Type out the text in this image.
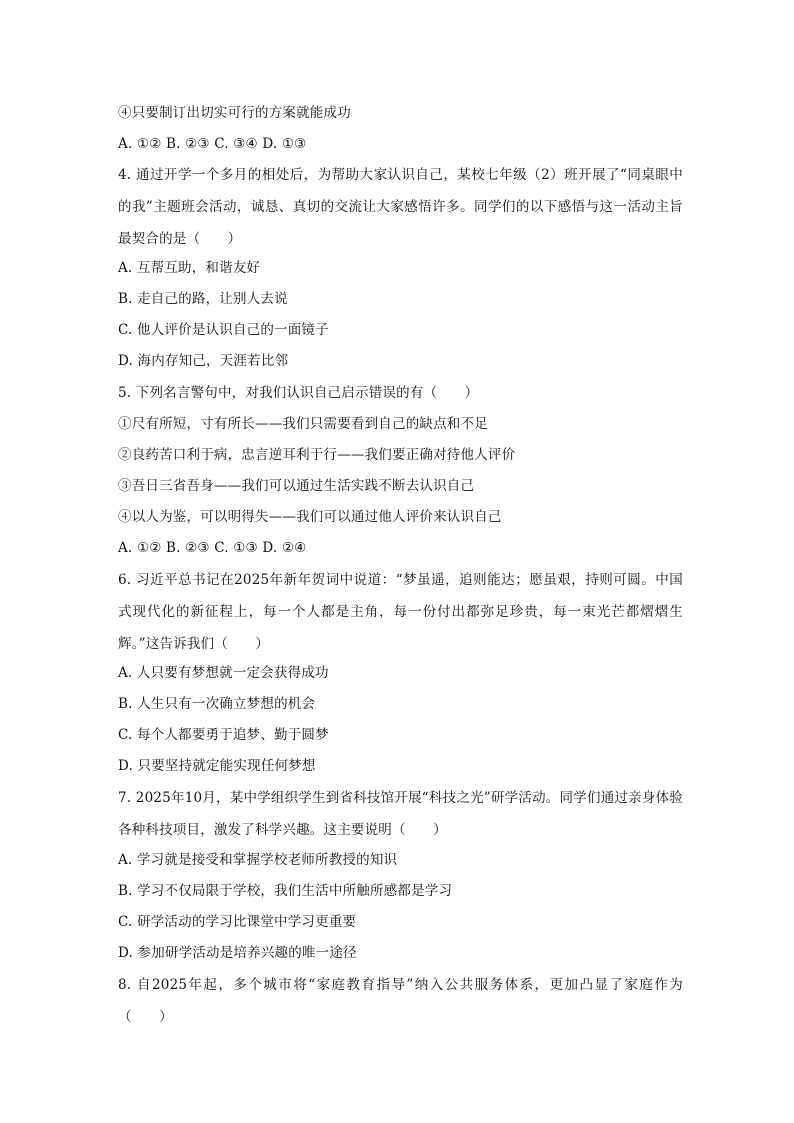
④只要制订出切实可行的方案就能成功
A. ①② B. ②③ C. ③④ D. ①③
4. 通过开学一个多月的相处后，为帮助大家认识自己，某校七年级（2）班开展了“同桌眼中的我”主题班会活动，诚恳、真切的交流让大家感悟许多。同学们的以下感悟与这一活动主旨最契合的是（　　）
A. 互帮互助，和谐友好
B. 走自己的路，让别人去说
C. 他人评价是认识自己的一面镜子
D. 海内存知己，天涯若比邻
5. 下列名言警句中，对我们认识自己启示错误的有（　　）
①尺有所短，寸有所长——我们只需要看到自己的缺点和不足
②良药苦口利于病，忠言逆耳利于行——我们要正确对待他人评价
③吾日三省吾身——我们可以通过生活实践不断去认识自己
④以人为鉴，可以明得失——我们可以通过他人评价来认识自己
A. ①② B. ②③ C. ①③ D. ②④
6. 习近平总书记在2025年新年贺词中说道：“梦虽遥，追则能达；愿虽艰，持则可圆。中国式现代化的新征程上，每一个人都是主角，每一份付出都弥足珍贵，每一束光芒都熠熠生辉。”这告诉我们（　　）
A. 人只要有梦想就一定会获得成功
B. 人生只有一次确立梦想的机会
C. 每个人都要勇于追梦、勤于圆梦
D. 只要坚持就定能实现任何梦想
7. 2025年10月，某中学组织学生到省科技馆开展“科技之光”研学活动。同学们通过亲身体验各种科技项目，激发了科学兴趣。这主要说明（　　）
A. 学习就是接受和掌握学校老师所教授的知识
B. 学习不仅局限于学校，我们生活中所触所感都是学习
C. 研学活动的学习比课堂中学习更重要
D. 参加研学活动是培养兴趣的唯一途径
8. 自2025年起，多个城市将“家庭教育指导”纳入公共服务体系，更加凸显了家庭作为（　　）
